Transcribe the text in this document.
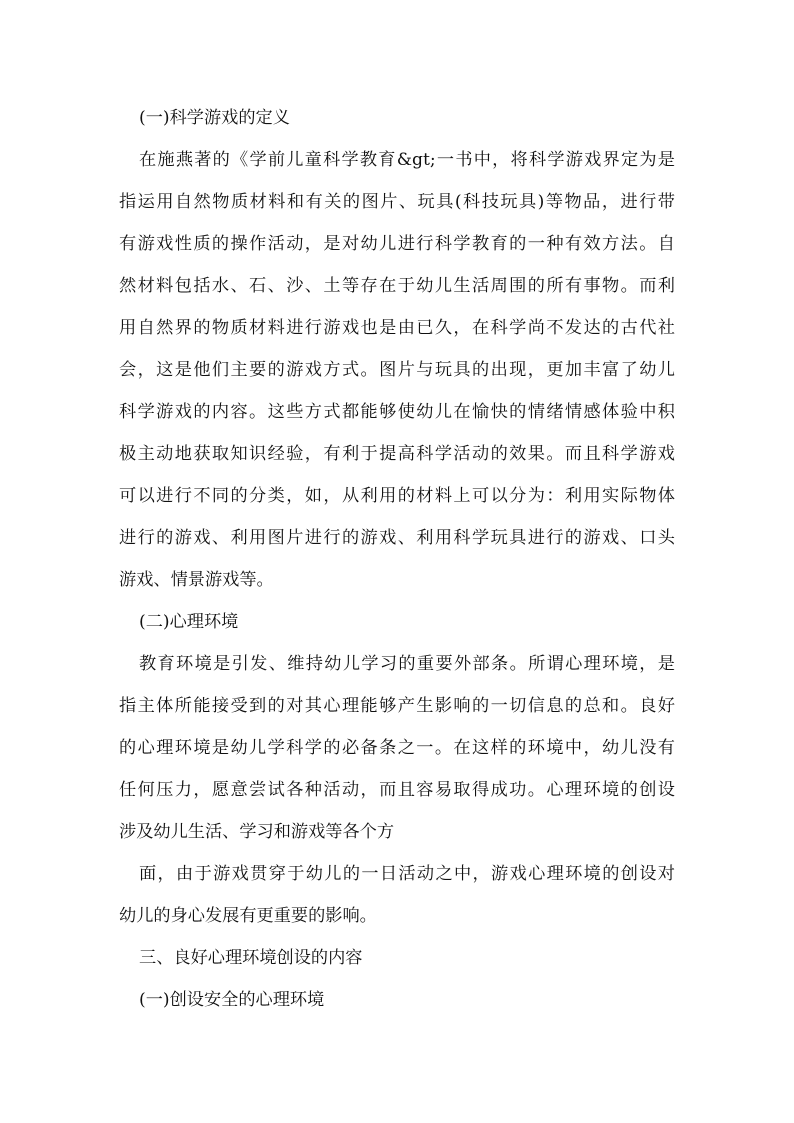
(一)科学游戏的定义
在施燕著的《学前儿童科学教育&gt;一书中，将科学游戏界定为是
指运用自然物质材料和有关的图片、玩具(科技玩具)等物品，进行带
有游戏性质的操作活动，是对幼儿进行科学教育的一种有效方法。自
然材料包括水、石、沙、土等存在于幼儿生活周围的所有事物。而利
用自然界的物质材料进行游戏也是由已久，在科学尚不发达的古代社
会，这是他们主要的游戏方式。图片与玩具的出现，更加丰富了幼儿
科学游戏的内容。这些方式都能够使幼儿在愉快的情绪情感体验中积
极主动地获取知识经验，有利于提高科学活动的效果。而且科学游戏
可以进行不同的分类，如，从利用的材料上可以分为：利用实际物体
进行的游戏、利用图片进行的游戏、利用科学玩具进行的游戏、口头
游戏、情景游戏等。
(二)心理环境
教育环境是引发、维持幼儿学习的重要外部条。所谓心理环境，是
指主体所能接受到的对其心理能够产生影响的一切信息的总和。良好
的心理环境是幼儿学科学的必备条之一。在这样的环境中，幼儿没有
任何压力，愿意尝试各种活动，而且容易取得成功。心理环境的创设
涉及幼儿生活、学习和游戏等各个方
面，由于游戏贯穿于幼儿的一日活动之中，游戏心理环境的创设对
幼儿的身心发展有更重要的影响。
三、良好心理环境创设的内容
(一)创设安全的心理环境
